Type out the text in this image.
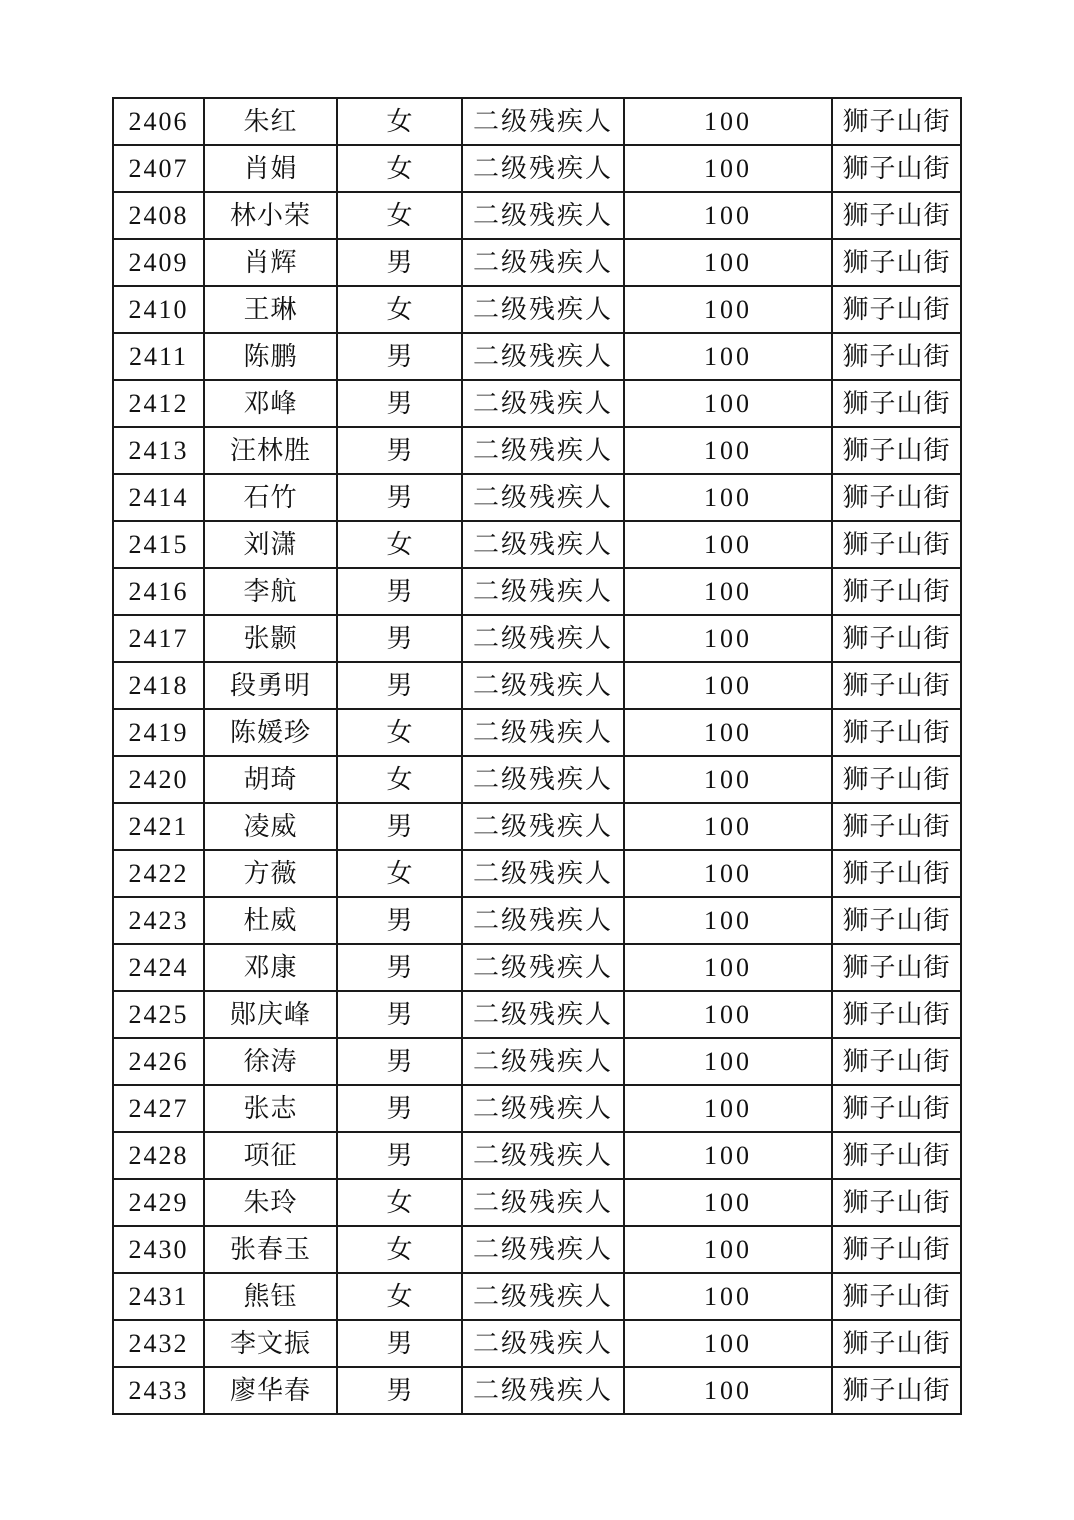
2406	朱红	女	二级残疾人	100	狮子山街
2407	肖娟	女	二级残疾人	100	狮子山街
2408	林小荣	女	二级残疾人	100	狮子山街
2409	肖辉	男	二级残疾人	100	狮子山街
2410	王琳	女	二级残疾人	100	狮子山街
2411	陈鹏	男	二级残疾人	100	狮子山街
2412	邓峰	男	二级残疾人	100	狮子山街
2413	汪林胜	男	二级残疾人	100	狮子山街
2414	石竹	男	二级残疾人	100	狮子山街
2415	刘潇	女	二级残疾人	100	狮子山街
2416	李航	男	二级残疾人	100	狮子山街
2417	张颢	男	二级残疾人	100	狮子山街
2418	段勇明	男	二级残疾人	100	狮子山街
2419	陈媛珍	女	二级残疾人	100	狮子山街
2420	胡琦	女	二级残疾人	100	狮子山街
2421	凌威	男	二级残疾人	100	狮子山街
2422	方薇	女	二级残疾人	100	狮子山街
2423	杜威	男	二级残疾人	100	狮子山街
2424	邓康	男	二级残疾人	100	狮子山街
2425	郧庆峰	男	二级残疾人	100	狮子山街
2426	徐涛	男	二级残疾人	100	狮子山街
2427	张志	男	二级残疾人	100	狮子山街
2428	项征	男	二级残疾人	100	狮子山街
2429	朱玲	女	二级残疾人	100	狮子山街
2430	张春玉	女	二级残疾人	100	狮子山街
2431	熊钰	女	二级残疾人	100	狮子山街
2432	李文振	男	二级残疾人	100	狮子山街
2433	廖华春	男	二级残疾人	100	狮子山街
